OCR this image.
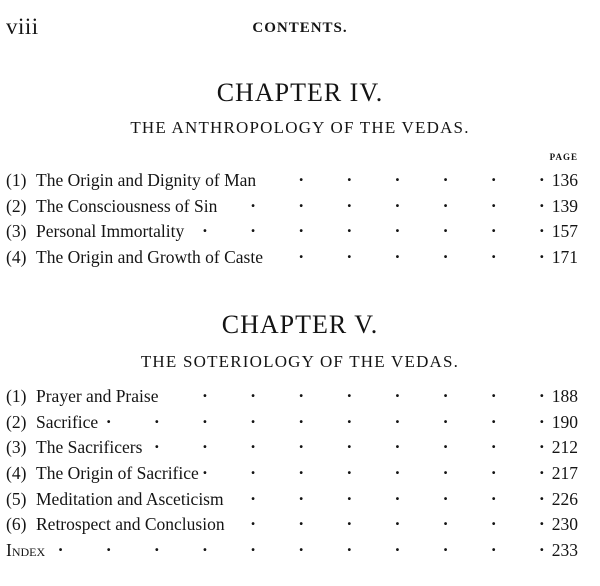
viii	CONTENTS.
CHAPTER IV.
THE ANTHROPOLOGY OF THE VEDAS.
PAGE
(1) The Origin and Dignity of Man .	136
(2) The Consciousness of Sin .	139
(3) Personal Immortality .	157
(4) The Origin and Growth of Caste .	171
CHAPTER V.
THE SOTERIOLOGY OF THE VEDAS.
(1) Prayer and Praise .	188
(2) Sacrifice .	190
(3) The Sacrificers .	212
(4) The Origin of Sacrifice .	217
(5) Meditation and Asceticism .	226
(6) Retrospect and Conclusion .	230
Index .	233
